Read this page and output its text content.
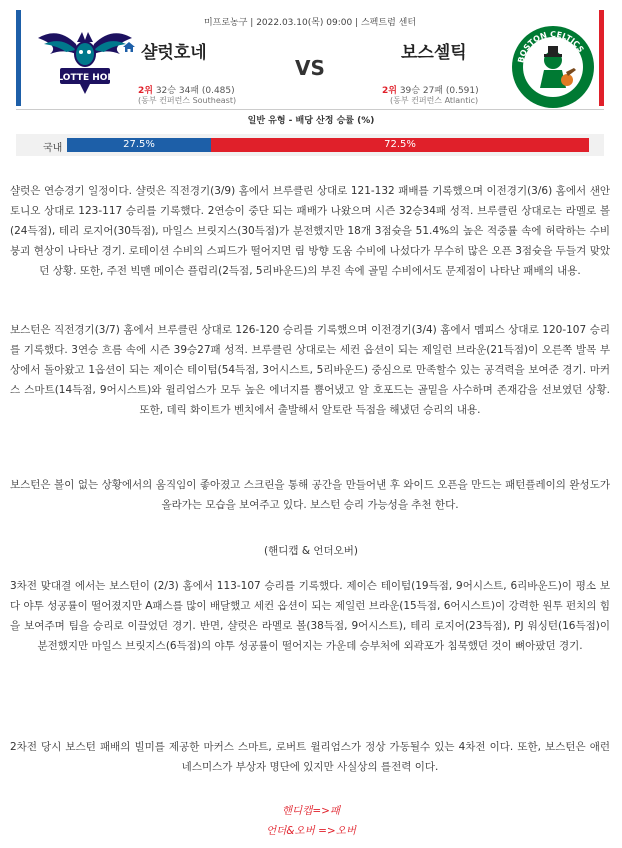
미프로농구 | 2022.03.10(목) 09:00 | 스펙트럼 센터
CHARLOTTE HORNETS
샬럿호네
VS
보스셀틱
2위 32승 34패 (0.485)
(동부 컨퍼런스 Southeast)
2위 39승 27패 (0.591)
(동부 컨퍼런스 Atlantic)
BOSTON CELTICS
일반 유형 - 배당 산정 승률 (%)
국내	27.5%	72.5%

샬럿은 연승경기 일정이다. 샬럿은 직전경기(3/9) 홈에서 브루클린 상대로 121-132 패배를 기록했으며 이전경기(3/6) 홈에서 샌안토니오 상대로 123-117 승리를 기록했다. 2연승이 중단 되는 패배가 나왔으며 시즌 32승34패 성적. 브루클린 상대로는 라멜로 볼(24득점), 테리 로지어(30득점), 마일스 브릿지스(30득점)가 분전했지만 18개 3점슛을 51.4%의 높은 적중률 속에 허락하는 수비 붕괴 현상이 나타난 경기. 로테이션 수비의 스피드가 떨어지면 림 방향 도움 수비에 나섰다가 무수히 많은 오픈 3점슛을 두들겨 맞았던 상황. 또한, 주전 빅맨 메이슨 플럼리(2득점, 5리바운드)의 부진 속에 골밑 수비에서도 문제점이 나타난 패배의 내용.

보스턴은 직전경기(3/7) 홈에서 브루클린 상대로 126-120 승리를 기록했으며 이전경기(3/4) 홈에서 멤피스 상대로 120-107 승리를 기록했다. 3연승 흐름 속에 시즌 39승27패 성적. 브루클린 상대로는 세컨 옵션이 되는 제일런 브라운(21득점)이 오른쪽 발목 부상에서 돌아왔고 1옵션이 되는 제이슨 테이텀(54득점, 3어시스트, 5리바운드) 중심으로 만족할수 있는 공격력을 보여준 경기. 마커스 스마트(14득점, 9어시스트)와 윌리엄스가 모두 높은 에너지를 뿜어냈고 알 호포드는 골밑을 사수하며 존재감을 선보였던 상황. 또한, 데릭 화이트가 벤치에서 출발해서 알토란 득점을 해냈던 승리의 내용.

보스턴은 볼이 없는 상황에서의 움직임이 좋아졌고 스크린을 통해 공간을 만들어낸 후 와이드 오픈을 만드는 패턴플레이의 완성도가 올라가는 모습을 보여주고 있다. 보스턴 승리 가능성을 추천 한다.

(핸디캡 & 언더오버)

3차전 맞대결 에서는 보스턴이 (2/3) 홈에서 113-107 승리를 기록했다. 제이슨 테이텀(19득점, 9어시스트, 6리바운드)이 평소 보다 야투 성공률이 떨어졌지만 A패스를 많이 배달했고 세컨 옵션이 되는 제일런 브라운(15득점, 6어시스트)이 강력한 원투 펀치의 힘을 보여주며 팀을 승리로 이끌었던 경기. 반면, 샬럿은 라멜로 볼(38득점, 9어시스트), 테리 로지어(23득점), PJ 워싱턴(16득점)이 분전했지만 마일스 브릿지스(6득점)의 야투 성공률이 떨어지는 가운데 승부처에 외곽포가 침묵했던 것이 뼈아팠던 경기.

2차전 당시 보스턴 패배의 빌미를 제공한 마커스 스마트, 로버트 윌리엄스가 정상 가동될수 있는 4차전 이다. 또한, 보스턴은 애런 네스미스가 부상자 명단에 있지만 사실상의 를전력 이다.

핸디캡=>패
언더&오버 =>오버
